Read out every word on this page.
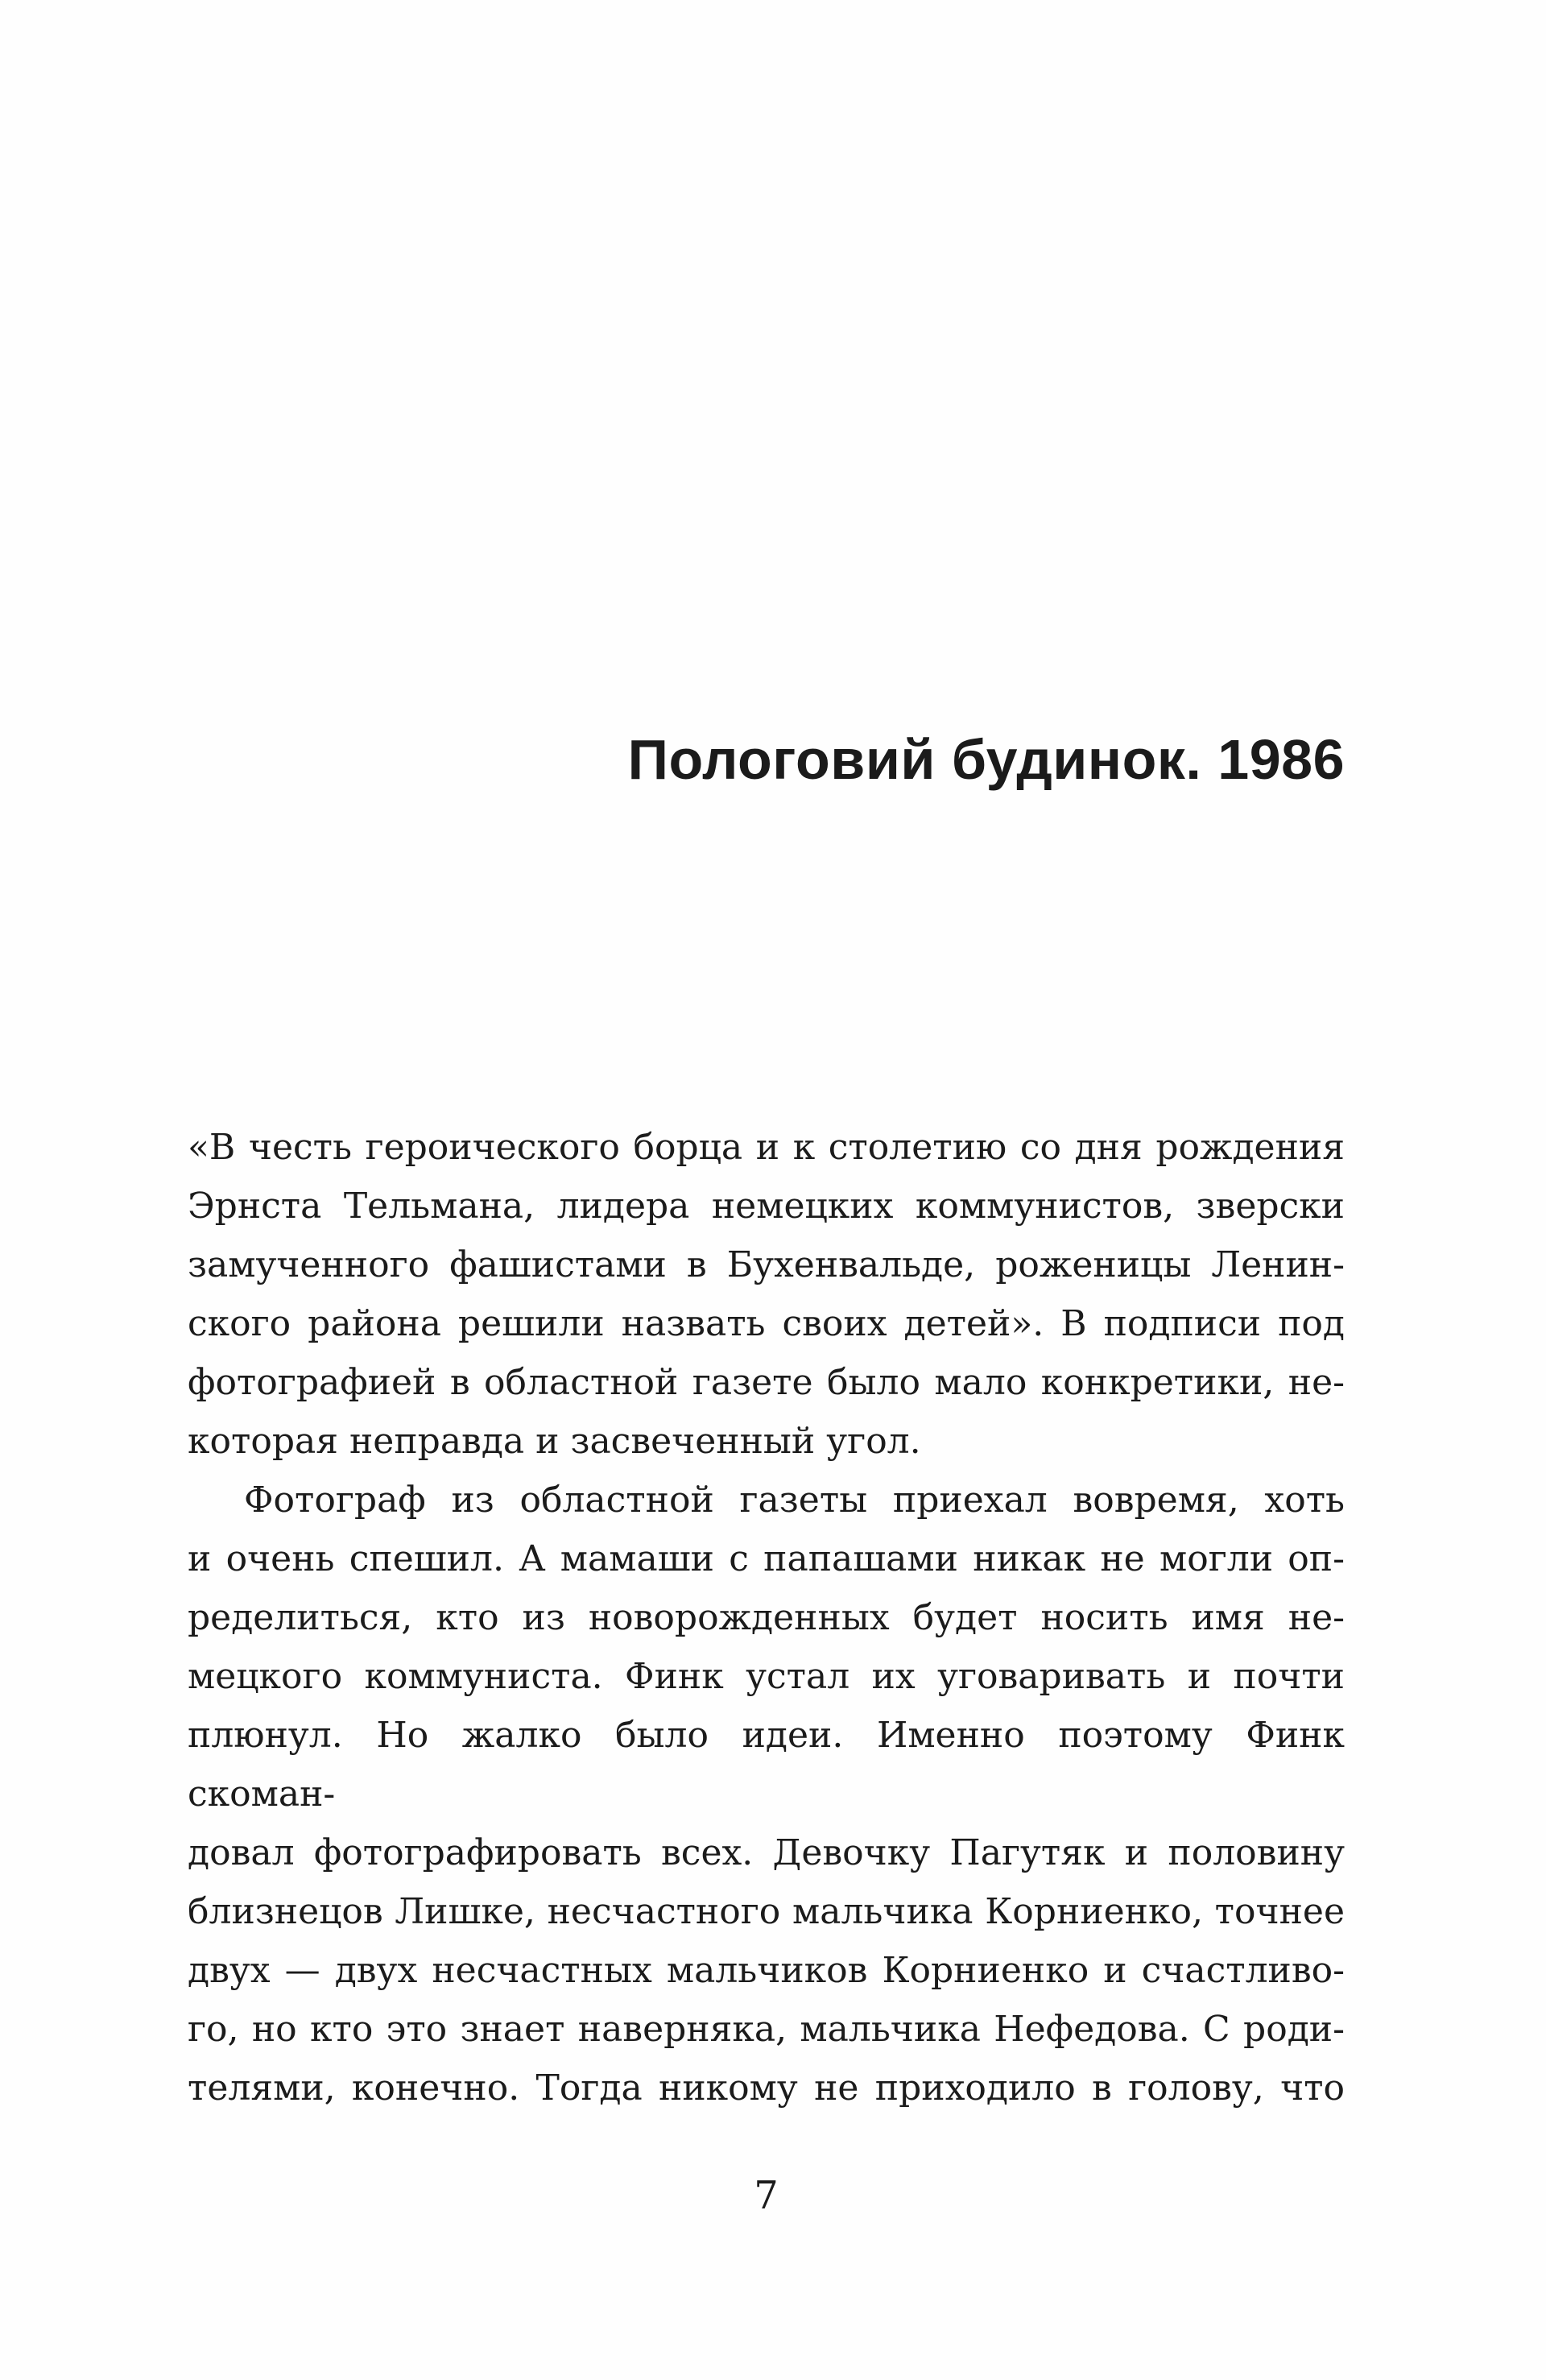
Пологовий будинок. 1986
«В честь героического борца и к столетию со дня рождения
Эрнста Тельмана, лидера немецких коммунистов, зверски
замученного фашистами в Бухенвальде, роженицы Ленин-
ского района решили назвать своих детей». В подписи под
фотографией в областной газете было мало конкретики, не-
которая неправда и засвеченный угол.
Фотограф из областной газеты приехал вовремя, хоть
и очень спешил. А мамаши с папашами никак не могли оп-
ределиться, кто из новорожденных будет носить имя не-
мецкого коммуниста. Финк устал их уговаривать и почти
плюнул. Но жалко было идеи. Именно поэтому Финк скоман-
довал фотографировать всех. Девочку Пагутяк и половину
близнецов Лишке, несчастного мальчика Корниенко, точнее
двух — двух несчастных мальчиков Корниенко и счастливо-
го, но кто это знает наверняка, мальчика Нефедова. С роди-
телями, конечно. Тогда никому не приходило в голову, что
7
